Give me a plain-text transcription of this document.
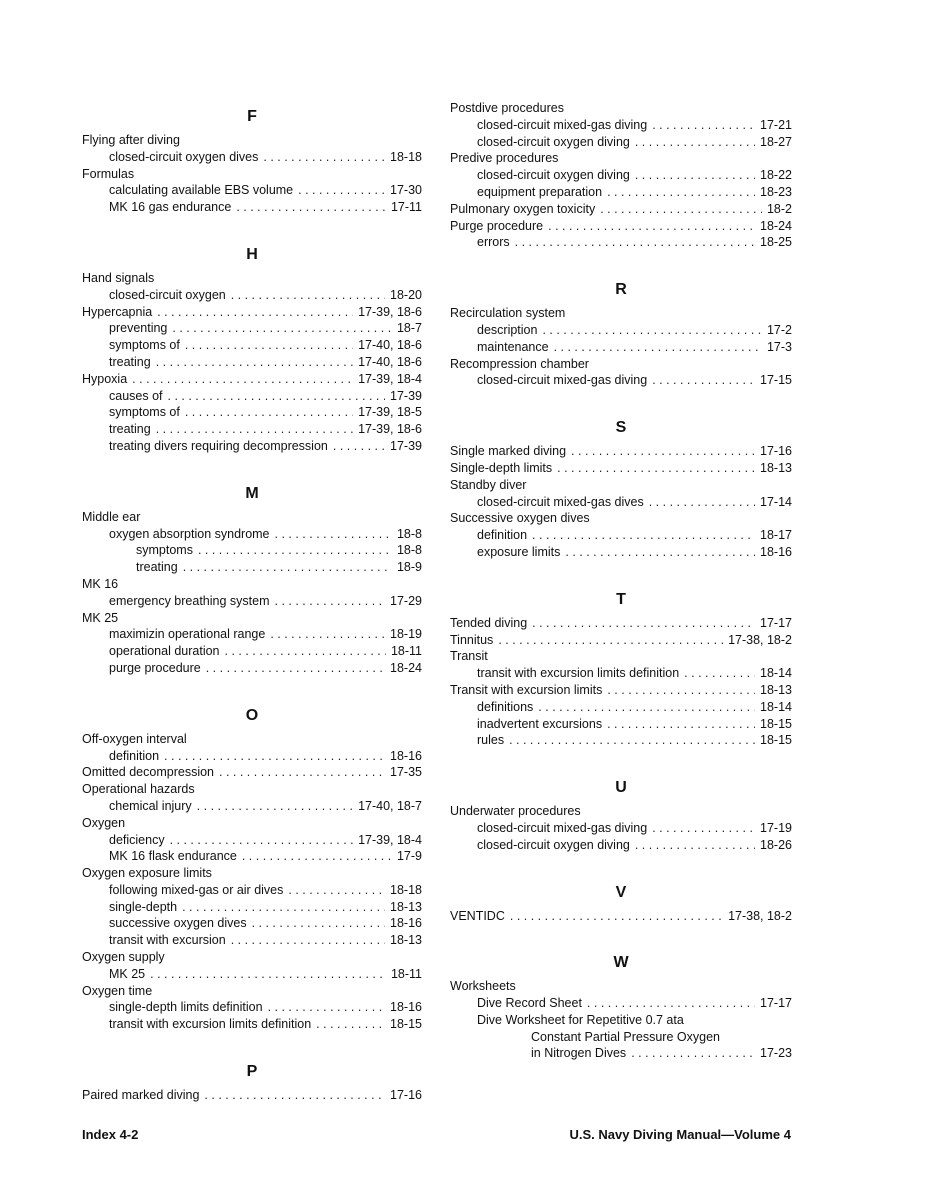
F
Flying after diving
closed-circuit oxygen dives . . .	18-18
Formulas
calculating available EBS volume . . .	17-30
MK 16 gas endurance . . .	17-11
H
Hand signals
closed-circuit oxygen . . .	18-20
Hypercapnia . . .	17-39, 18-6
preventing . . .	18-7
symptoms of . . .	17-40, 18-6
treating . . .	17-40, 18-6
Hypoxia . . .	17-39, 18-4
causes of . . .	17-39
symptoms of . . .	17-39, 18-5
treating . . .	17-39, 18-6
treating divers requiring decompression . . .	17-39
M
Middle ear
oxygen absorption syndrome . . .	18-8
symptoms . . .	18-8
treating . . .	18-9
MK 16
emergency breathing system . . .	17-29
MK 25
maximizin operational range . . .	18-19
operational duration . . .	18-11
purge procedure . . .	18-24
O
Off-oxygen interval
definition . . .	18-16
Omitted decompression . . .	17-35
Operational hazards
chemical injury . . .	17-40, 18-7
Oxygen
deficiency . . .	17-39, 18-4
MK 16 flask endurance . . .	17-9
Oxygen exposure limits
following mixed-gas or air dives . . .	18-18
single-depth . . .	18-13
successive oxygen dives . . .	18-16
transit with excursion . . .	18-13
Oxygen supply
MK 25 . . .	18-11
Oxygen time
single-depth limits definition . . .	18-16
transit with excursion limits definition . . .	18-15
P
Paired marked diving . . .	17-16
Postdive procedures
closed-circuit mixed-gas diving . . .	17-21
closed-circuit oxygen diving . . .	18-27
Predive procedures
closed-circuit oxygen diving . . .	18-22
equipment preparation . . .	18-23
Pulmonary oxygen toxicity . . .	18-2
Purge procedure . . .	18-24
errors . . .	18-25
R
Recirculation system
description . . .	17-2
maintenance . . .	17-3
Recompression chamber
closed-circuit mixed-gas diving . . .	17-15
S
Single marked diving . . .	17-16
Single-depth limits . . .	18-13
Standby diver
closed-circuit mixed-gas dives . . .	17-14
Successive oxygen dives
definition . . .	18-17
exposure limits . . .	18-16
T
Tended diving . . .	17-17
Tinnitus . . .	17-38, 18-2
Transit
transit with excursion limits definition . . .	18-14
Transit with excursion limits . . .	18-13
definitions . . .	18-14
inadvertent excursions . . .	18-15
rules . . .	18-15
U
Underwater procedures
closed-circuit mixed-gas diving . . .	17-19
closed-circuit oxygen diving . . .	18-26
V
VENTIDC . . .	17-38, 18-2
W
Worksheets
Dive Record Sheet . . .	17-17
Dive Worksheet for Repetitive 0.7 ata
Constant Partial Pressure Oxygen
in Nitrogen Dives . . .	17-23
Index 4-2	U.S. Navy Diving Manual—Volume 4
